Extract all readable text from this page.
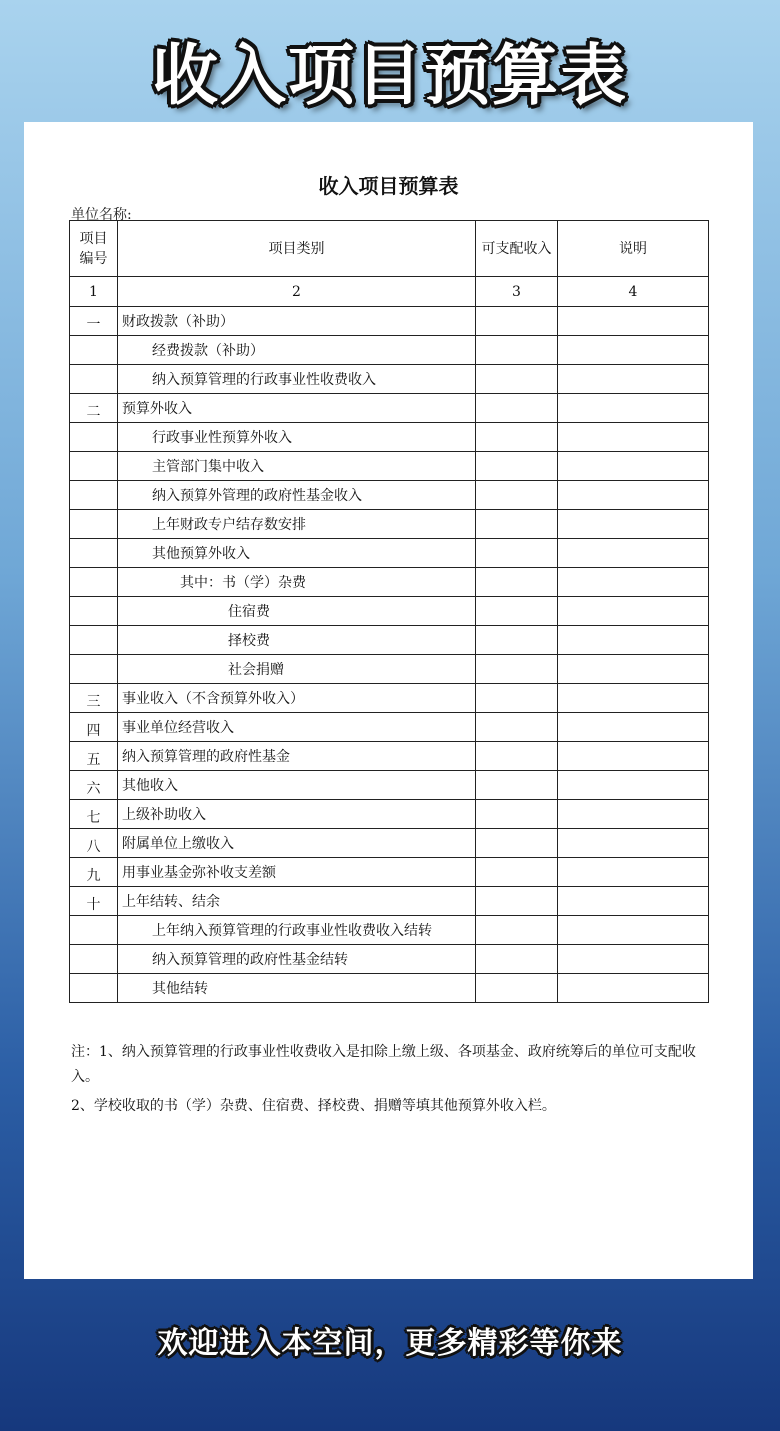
收入项目预算表
收入项目预算表
单位名称:
项目编号	项目类别	可支配收入	说明
1	2	3	4
一	财政拨款（补助）		
	经费拨款（补助）		
	纳入预算管理的行政事业性收费收入		
二	预算外收入		
	行政事业性预算外收入		
	主管部门集中收入		
	纳入预算外管理的政府性基金收入		
	上年财政专户结存数安排		
	其他预算外收入		
	其中：书（学）杂费		
	住宿费		
	择校费		
	社会捐赠		
三	事业收入（不含预算外收入）		
四	事业单位经营收入		
五	纳入预算管理的政府性基金		
六	其他收入		
七	上级补助收入		
八	附属单位上缴收入		
九	用事业基金弥补收支差额		
十	上年结转、结余		
	上年纳入预算管理的行政事业性收费收入结转		
	纳入预算管理的政府性基金结转		
	其他结转		

注：1、纳入预算管理的行政事业性收费收入是扣除上缴上级、各项基金、政府统筹后的单位可支配收入。

2、学校收取的书（学）杂费、住宿费、择校费、捐赠等填其他预算外收入栏。

欢迎进入本空间，更多精彩等你来
